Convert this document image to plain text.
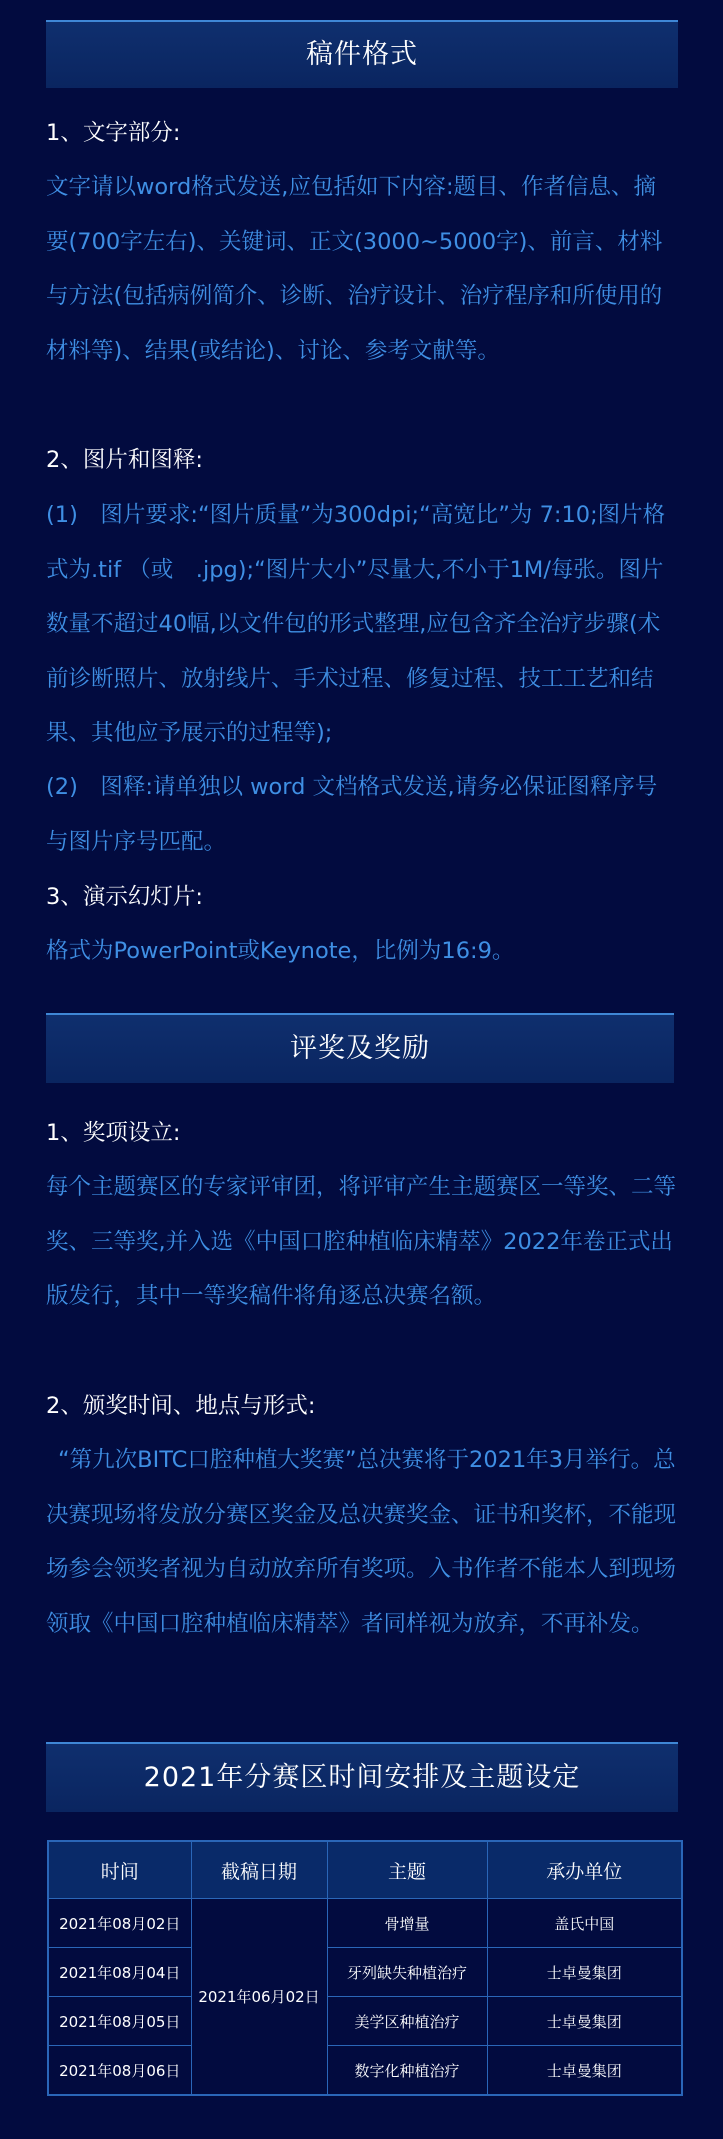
稿件格式

1、文字部分:

文字请以word格式发送,应包括如下内容:题目、作者信息、摘要(700字左右)、关键词、正文(3000~5000字)、前言、材料与方法(包括病例简介、诊断、治疗设计、治疗程序和所使用的材料等)、结果(或结论)、讨论、参考文献等。

2、图片和图释:

(1)　图片要求:“图片质量”为300dpi;“高宽比”为 7:10;图片格式为.tif （或　.jpg);“图片大小”尽量大,不小于1M/每张。图片数量不超过40幅,以文件包的形式整理,应包含齐全治疗步骤(术前诊断照片、放射线片、手术过程、修复过程、技工工艺和结果、其他应予展示的过程等);

(2)　图释:请单独以 word 文档格式发送,请务必保证图释序号与图片序号匹配。

3、演示幻灯片:

格式为PowerPoint或Keynote，比例为16:9。

评奖及奖励

1、奖项设立:

每个主题赛区的专家评审团，将评审产生主题赛区一等奖、二等奖、三等奖,并入选《中国口腔种植临床精萃》2022年卷正式出版发行，其中一等奖稿件将角逐总决赛名额。

2、颁奖时间、地点与形式:

“第九次BITC口腔种植大奖赛”总决赛将于2021年3月举行。总决赛现场将发放分赛区奖金及总决赛奖金、证书和奖杯，不能现场参会领奖者视为自动放弃所有奖项。入书作者不能本人到现场领取《中国口腔种植临床精萃》者同样视为放弃，不再补发。

2021年分赛区时间安排及主题设定
时间	截稿日期	主题	承办单位
2021年08月02日	2021年06月02日	骨增量	盖氏中国
2021年08月04日		牙列缺失种植治疗	士卓曼集团
2021年08月05日		美学区种植治疗	士卓曼集团
2021年08月06日		数字化种植治疗	士卓曼集团
